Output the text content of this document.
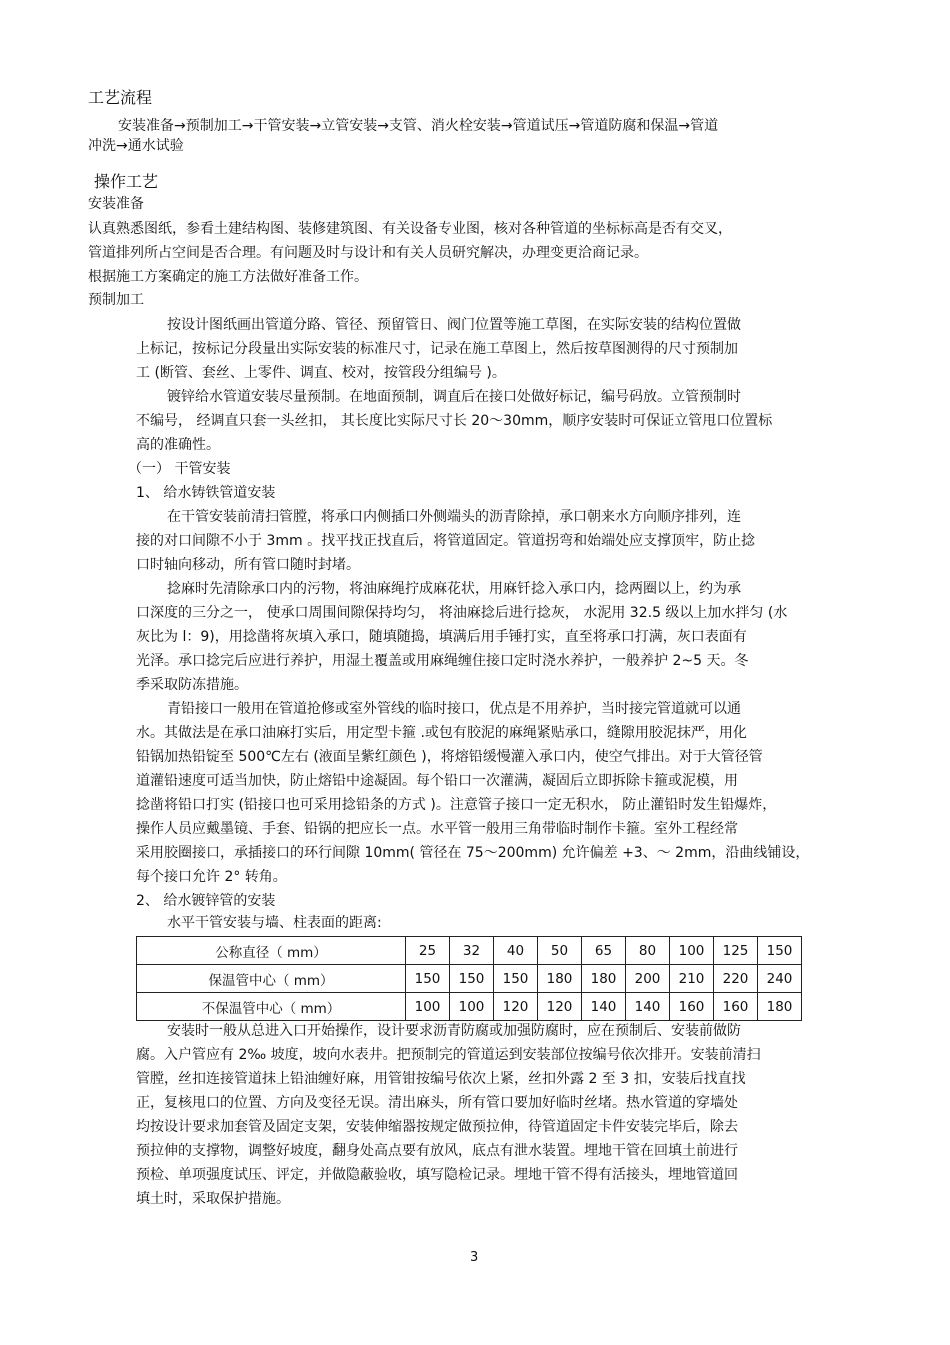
工艺流程
安装准备→预制加工→干管安装→立管安装→支管、消火栓安装→管道试压→管道防腐和保温→管道
冲洗→通水试验
操作工艺
安装准备
认真熟悉图纸，参看土建结构图、装修建筑图、有关设备专业图，核对各种管道的坐标标高是否有交叉，
管道排列所占空间是否合理。有问题及时与设计和有关人员研究解决，办理变更洽商记录。
根据施工方案确定的施工方法做好准备工作。
预制加工
按设计图纸画出管道分路、管径、预留管日、阀门位置等施工草图，在实际安装的结构位置做
上标记，按标记分段量出实际安装的标准尺寸，记录在施工草图上，然后按草图测得的尺寸预制加
工 (断管、套丝、上零件、调直、校对，按管段分组编号 )。
镀锌给水管道安装尽量预制。在地面预制，调直后在接口处做好标记，编号码放。立管预制时
不编号， 经调直只套一头丝扣， 其长度比实际尺寸长 20～30mm，顺序安装时可保证立管甩口位置标
高的准确性。
（一） 干管安装
1、 给水铸铁管道安装
在干管安装前清扫管膛，将承口内侧插口外侧端头的沥青除掉，承口朝来水方向顺序排列，连
接的对口间隙不小于 3mm 。找平找正找直后，将管道固定。管道拐弯和始端处应支撑顶牢，防止捻
口时轴向移动，所有管口随时封堵。
捻麻时先清除承口内的污物，将油麻绳拧成麻花状，用麻钎捻入承口内，捻两圈以上，约为承
口深度的三分之一， 使承口周围间隙保持均匀， 将油麻捻后进行捻灰， 水泥用 32.5 级以上加水拌匀 (水
灰比为 l：9)，用捻凿将灰填入承口，随填随捣，填满后用手锤打实，直至将承口打满，灰口表面有
光泽。承口捻完后应进行养护，用湿土覆盖或用麻绳缠住接口定时浇水养护，一般养护 2~5 天。冬
季采取防冻措施。
青铅接口一般用在管道抢修或室外管线的临时接口，优点是不用养护，当时接完管道就可以通
水。其做法是在承口油麻打实后，用定型卡箍 .或包有胶泥的麻绳紧贴承口，缝隙用胶泥抹严，用化
铅锅加热铅锭至 500℃左右 (液面呈紫红颜色 )，将熔铅缓慢灌入承口内，使空气排出。对于大管径管
道灌铅速度可适当加快，防止熔铅中途凝固。每个铅口一次灌满，凝固后立即拆除卡箍或泥模，用
捻凿将铅口打实 (铅接口也可采用捻铅条的方式 )。注意管子接口一定无积水， 防止灌铅时发生铅爆炸，
操作人员应戴墨镜、手套、铅锅的把应长一点。水平管一般用三角带临时制作卡箍。室外工程经常
采用胶圈接口，承插接口的环行间隙 10mm( 管径在 75～200mm) 允许偏差 +3、～ 2mm，沿曲线铺设，
每个接口允许 2° 转角。
2、 给水镀锌管的安装
水平干管安装与墙、柱表面的距离:
公称直径（ mm）	25	32	40	50	65	80	100	125	150
保温管中心（ mm）	150	150	150	180	180	200	210	220	240
不保温管中心（ mm）	100	100	120	120	140	140	160	160	180
安装时一般从总进入口开始操作，设计要求沥青防腐或加强防腐时，应在预制后、安装前做防
腐。入户管应有 2‰ 坡度，坡向水表井。把预制完的管道运到安装部位按编号依次排开。安装前清扫
管膛，丝扣连接管道抹上铅油缠好麻，用管钳按编号依次上紧，丝扣外露 2 至 3 扣，安装后找直找
正，复核甩口的位置、方向及变径无误。清出麻头，所有管口要加好临时丝堵。热水管道的穿墙处
均按设计要求加套管及固定支架，安装伸缩器按规定做预拉伸，待管道固定卡件安装完毕后，除去
预拉伸的支撑物，调整好坡度，翻身处高点要有放风，底点有泄水装置。埋地干管在回填土前进行
预检、单项强度试压、评定，并做隐蔽验收，填写隐检记录。埋地干管不得有活接头，埋地管道回
填土时，采取保护措施。
3
